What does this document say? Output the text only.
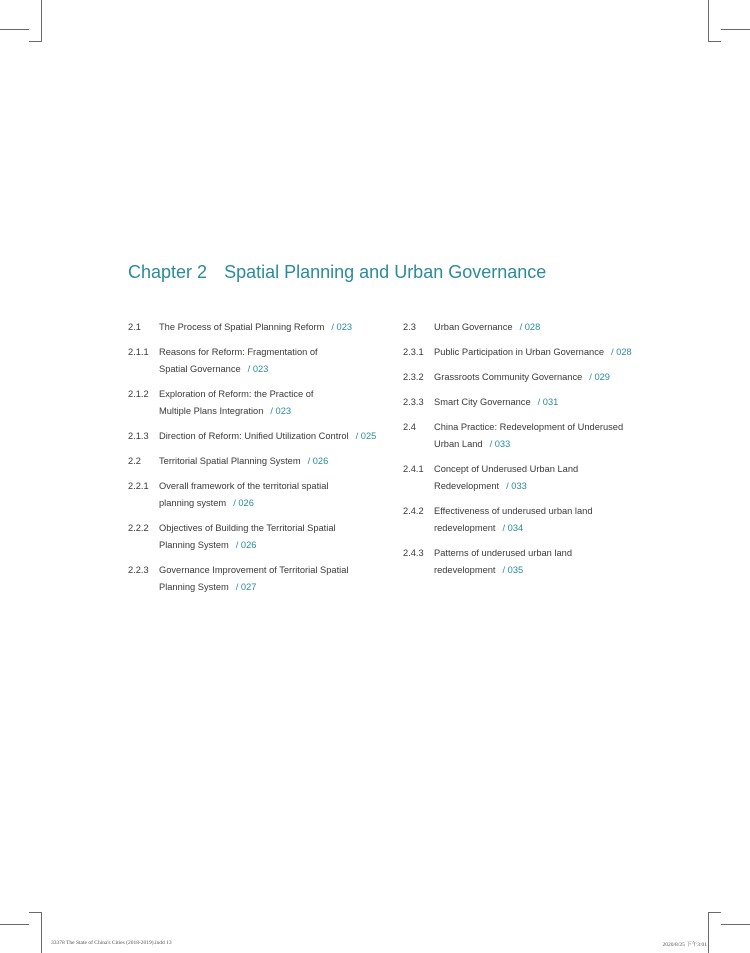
Chapter 2 Spatial Planning and Urban Governance
2.1 The Process of Spatial Planning Reform / 023
2.1.1 Reasons for Reform: Fragmentation of Spatial Governance / 023
2.1.2 Exploration of Reform: the Practice of Multiple Plans Integration / 023
2.1.3 Direction of Reform: Unified Utilization Control / 025
2.2 Territorial Spatial Planning System / 026
2.2.1 Overall framework of the territorial spatial planning system / 026
2.2.2 Objectives of Building the Territorial Spatial Planning System / 026
2.2.3 Governance Improvement of Territorial Spatial Planning System / 027
2.3 Urban Governance / 028
2.3.1 Public Participation in Urban Governance / 028
2.3.2 Grassroots Community Governance / 029
2.3.3 Smart City Governance / 031
2.4 China Practice: Redevelopment of Underused Urban Land / 033
2.4.1 Concept of Underused Urban Land Redevelopment / 033
2.4.2 Effectiveness of underused urban land redevelopment / 034
2.4.3 Patterns of underused urban land redevelopment / 035
33378 The State of China's Cities (2018-2019).indd 13	2020/8/25 下午3:01
